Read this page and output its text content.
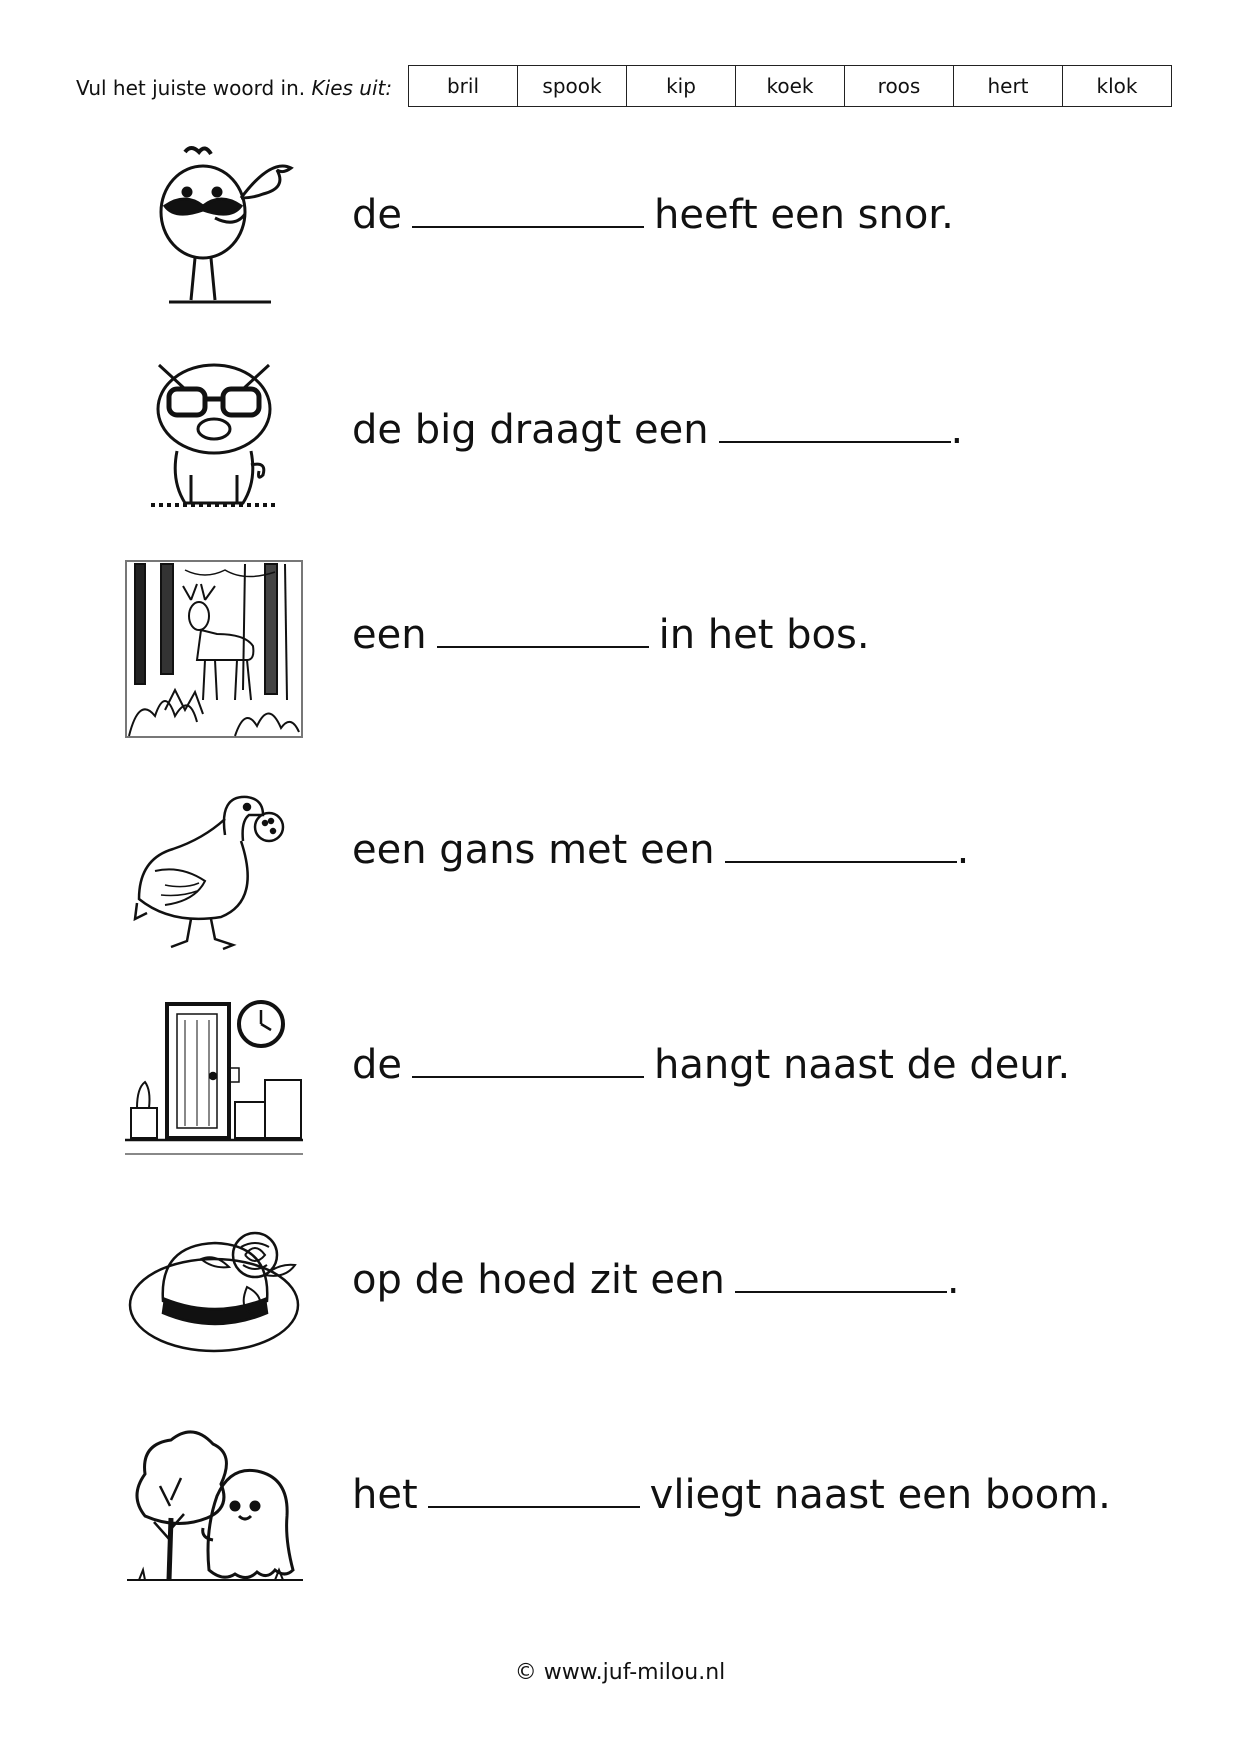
Vul het juiste woord in. Kies uit:	bril	spook	kip	koek	roos	hert	klok
de	heeft een snor.
de big draagt een	.
een	in het bos.
een gans met een	.
de	hangt naast de deur.
op de hoed zit een	.
het	vliegt naast een boom.
© www.juf-milou.nl
